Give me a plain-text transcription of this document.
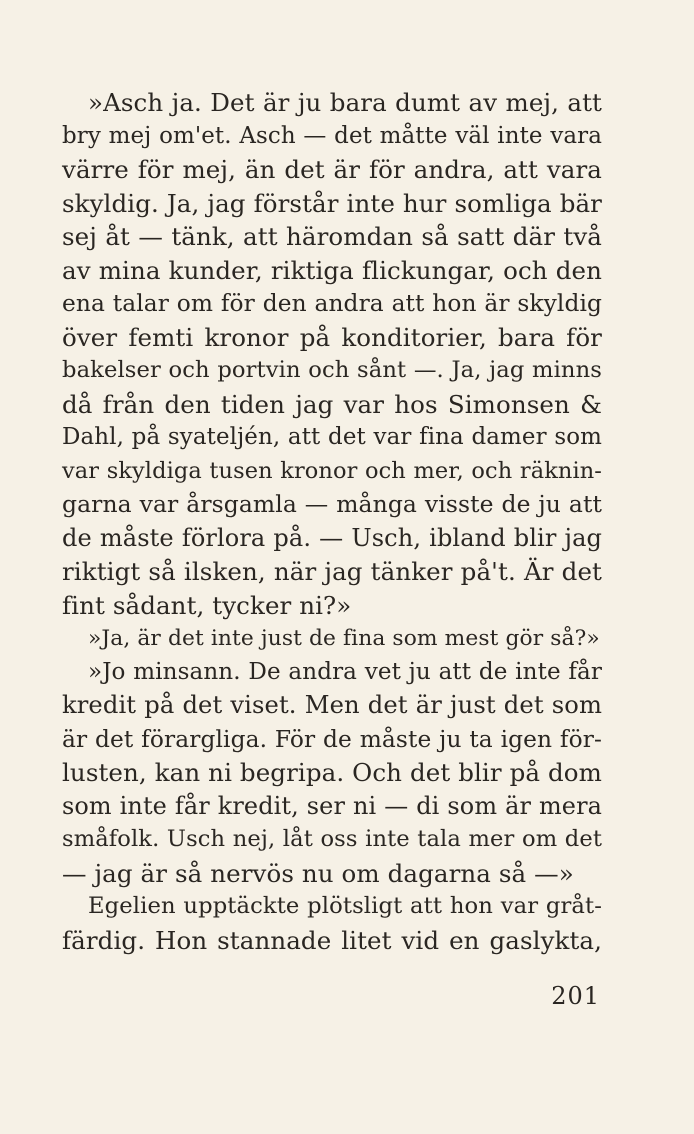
»Asch ja. Det är ju bara dumt av mej, att
bry mej om'et. Asch — det måtte väl inte vara
värre för mej, än det är för andra, att vara
skyldig. Ja, jag förstår inte hur somliga bär
sej åt — tänk, att häromdan så satt där två
av mina kunder, riktiga flickungar, och den
ena talar om för den andra att hon är skyldig
över femti kronor på konditorier, bara för
bakelser och portvin och sånt —. Ja, jag minns
då från den tiden jag var hos Simonsen &
Dahl, på syateljén, att det var fina damer som
var skyldiga tusen kronor och mer, och räknin-
garna var årsgamla — många visste de ju att
de måste förlora på. — Usch, ibland blir jag
riktigt så ilsken, när jag tänker på't. Är det
fint sådant, tycker ni?»
»Ja, är det inte just de fina som mest gör så?»
»Jo minsann. De andra vet ju att de inte får
kredit på det viset. Men det är just det som
är det förargliga. För de måste ju ta igen för-
lusten, kan ni begripa. Och det blir på dom
som inte får kredit, ser ni — di som är mera
småfolk. Usch nej, låt oss inte tala mer om det
— jag är så nervös nu om dagarna så —»
Egelien upptäckte plötsligt att hon var gråt-
färdig. Hon stannade litet vid en gaslykta,
201
